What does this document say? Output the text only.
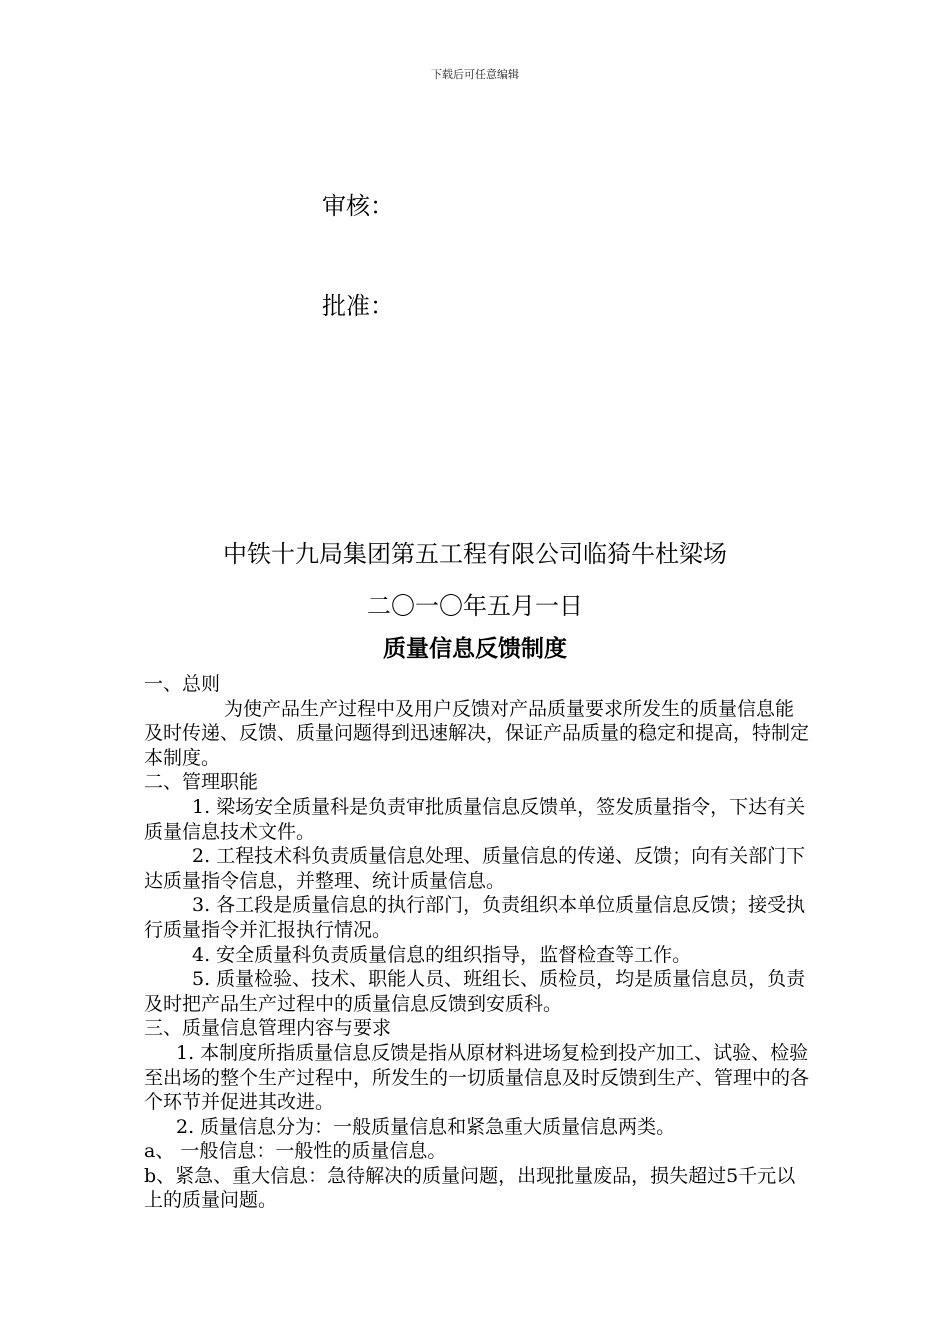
下载后可任意编辑
审核：
批准：
中铁十九局集团第五工程有限公司临猗牛杜梁场
二〇一〇年五月一日
质量信息反馈制度

一、总则

为使产品生产过程中及用户反馈对产品质量要求所发生的质量信息能及时传递、反馈、质量问题得到迅速解决，保证产品质量的稳定和提高，特制定本制度。

二、管理职能

1. 梁场安全质量科是负责审批质量信息反馈单，签发质量指令，下达有关质量信息技术文件。

2. 工程技术科负责质量信息处理、质量信息的传递、反馈；向有关部门下达质量指令信息，并整理、统计质量信息。

3. 各工段是质量信息的执行部门，负责组织本单位质量信息反馈；接受执行质量指令并汇报执行情况。

4. 安全质量科负责质量信息的组织指导，监督检查等工作。

5. 质量检验、技术、职能人员、班组长、质检员，均是质量信息员，负责及时把产品生产过程中的质量信息反馈到安质科。

三、质量信息管理内容与要求

1. 本制度所指质量信息反馈是指从原材料进场复检到投产加工、试验、检验至出场的整个生产过程中，所发生的一切质量信息及时反馈到生产、管理中的各个环节并促进其改进。

2. 质量信息分为：一般质量信息和紧急重大质量信息两类。

a、 一般信息：一般性的质量信息。

b、紧急、重大信息：急待解决的质量问题，出现批量废品，损失超过5千元以上的质量问题。
